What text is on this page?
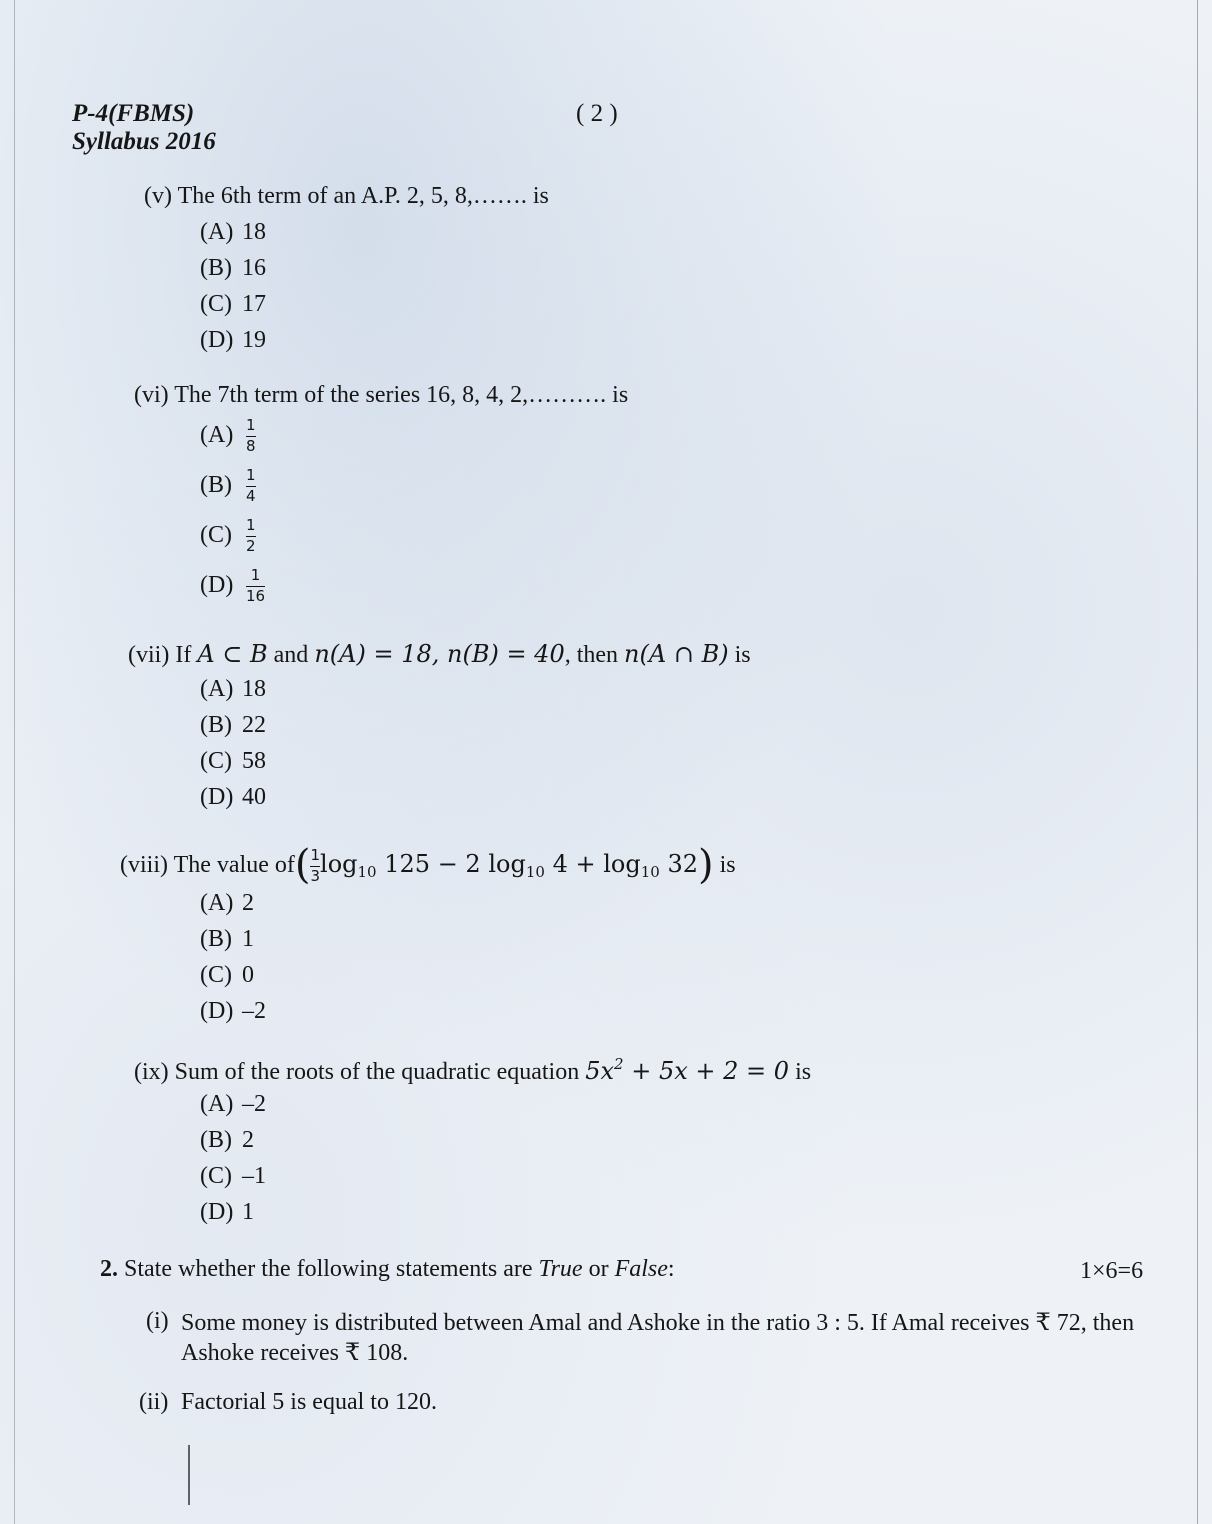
P-4(FBMS)
Syllabus 2016
( 2 )
(v) The 6th term of an A.P. 2, 5, 8,……. is
(A) 18
(B) 16
(C) 17
(D) 19
(vi) The 7th term of the series 16, 8, 4, 2,………. is
$(A) \frac{1}{8}$
$(B) \frac{1}{4}$
$(C) \frac{1}{2}$
$(D) \frac{1}{16}$
(vii) If A ⊂ B and n(A) = 18, n(B) = 40, then n(A ∩ B) is
(A) 18
(B) 22
(C) 58
(D) 40
(viii) The value $of( \frac{1}{3} \log_{10} 125 - 2$ $\log_{10} 4 + \log_{10} 32$) is
(A) 2
(B) 1
(C) 0
(D) –2
(ix) Sum of the roots of the quadratic equation $5x^2 + 5x + 2 = 0$ is
(A) –2
(B) 2
(C) –1
(D) 1
2. State whether the following statements are True or False:	1×6=6
(i) Some money is distributed between Amal and Ashoke in the ratio 3 : 5. If Amal receives ₹ 72, then Ashoke receives ₹ 108.
(ii) Factorial 5 is equal to 120.
